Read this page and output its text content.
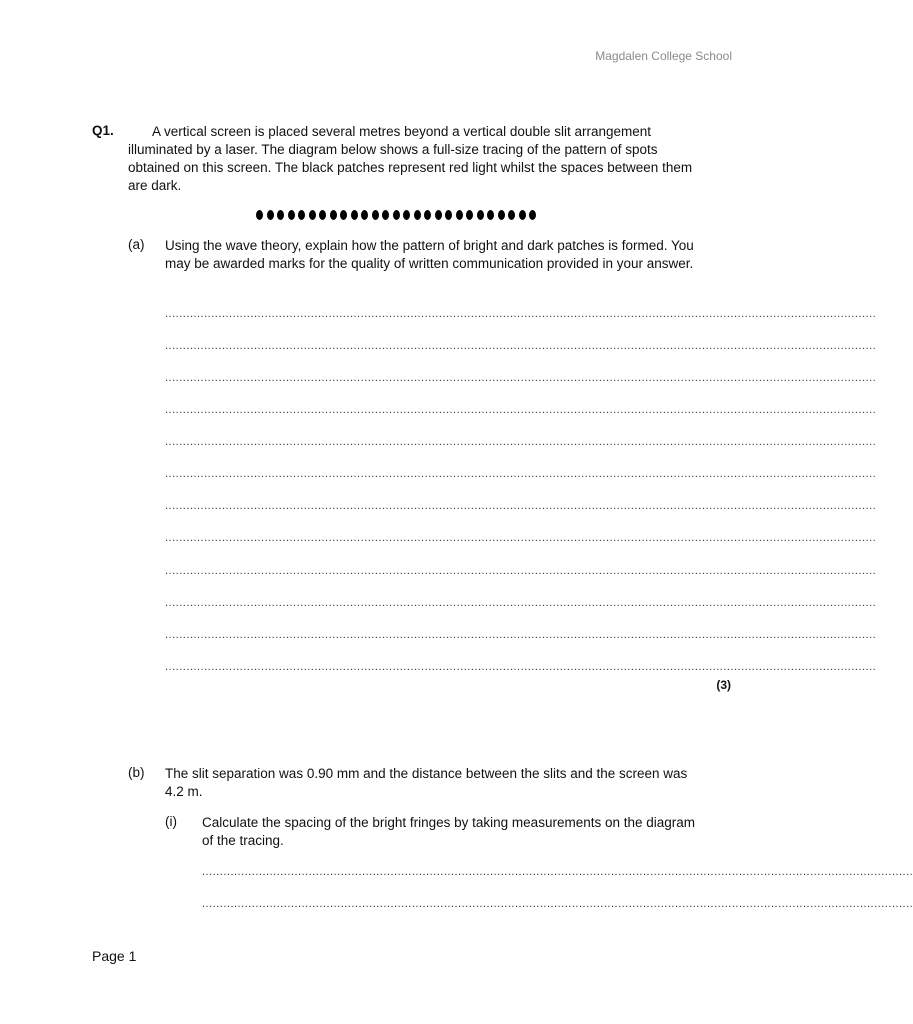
Magdalen College School
Q1.	A vertical screen is placed several metres beyond a vertical double slit arrangement illuminated by a laser. The diagram below shows a full-size tracing of the pattern of spots obtained on this screen. The black patches represent red light whilst the spaces between them are dark.
(a) Using the wave theory, explain how the pattern of bright and dark patches is formed. You may be awarded marks for the quality of written communication provided in your answer.
........................................................................................................................................................................................................
........................................................................................................................................................................................................
........................................................................................................................................................................................................
........................................................................................................................................................................................................
........................................................................................................................................................................................................
........................................................................................................................................................................................................
........................................................................................................................................................................................................
........................................................................................................................................................................................................
........................................................................................................................................................................................................
........................................................................................................................................................................................................
........................................................................................................................................................................................................
........................................................................................................................................................................................................
(3)
(b) The slit separation was 0.90 mm and the distance between the slits and the screen was 4.2 m.
(i) Calculate the spacing of the bright fringes by taking measurements on the diagram of the tracing.
........................................................................................................................................................................................................
........................................................................................................................................................................................................
Page 1
